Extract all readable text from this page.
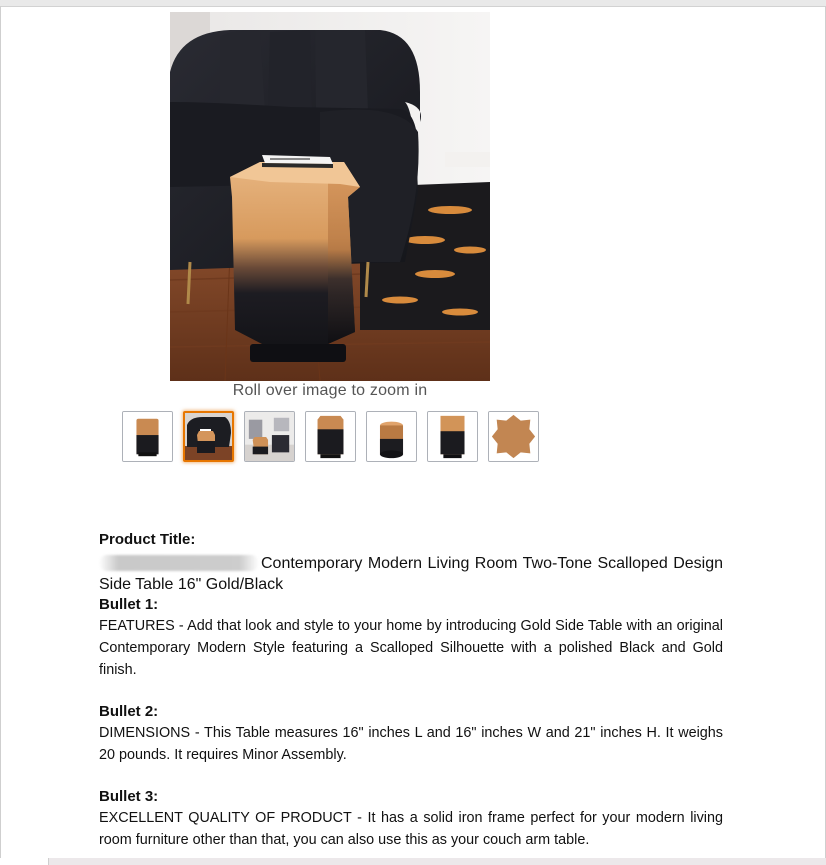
Roll over image to zoom in
Product Title:
Contemporary Modern Living Room Two-Tone Scalloped Design Side Table 16" Gold/Black
Bullet 1:
FEATURES - Add that look and style to your home by introducing Gold Side Table with an original Contemporary Modern Style featuring a Scalloped Silhouette with a polished Black and Gold finish.
Bullet 2:
DIMENSIONS - This Table measures 16" inches L and 16" inches W and 21" inches H. It weighs 20 pounds. It requires Minor Assembly.
Bullet 3:
EXCELLENT QUALITY OF PRODUCT - It has a solid iron frame perfect for your modern living room furniture other than that, you can also use this as your couch arm table.
